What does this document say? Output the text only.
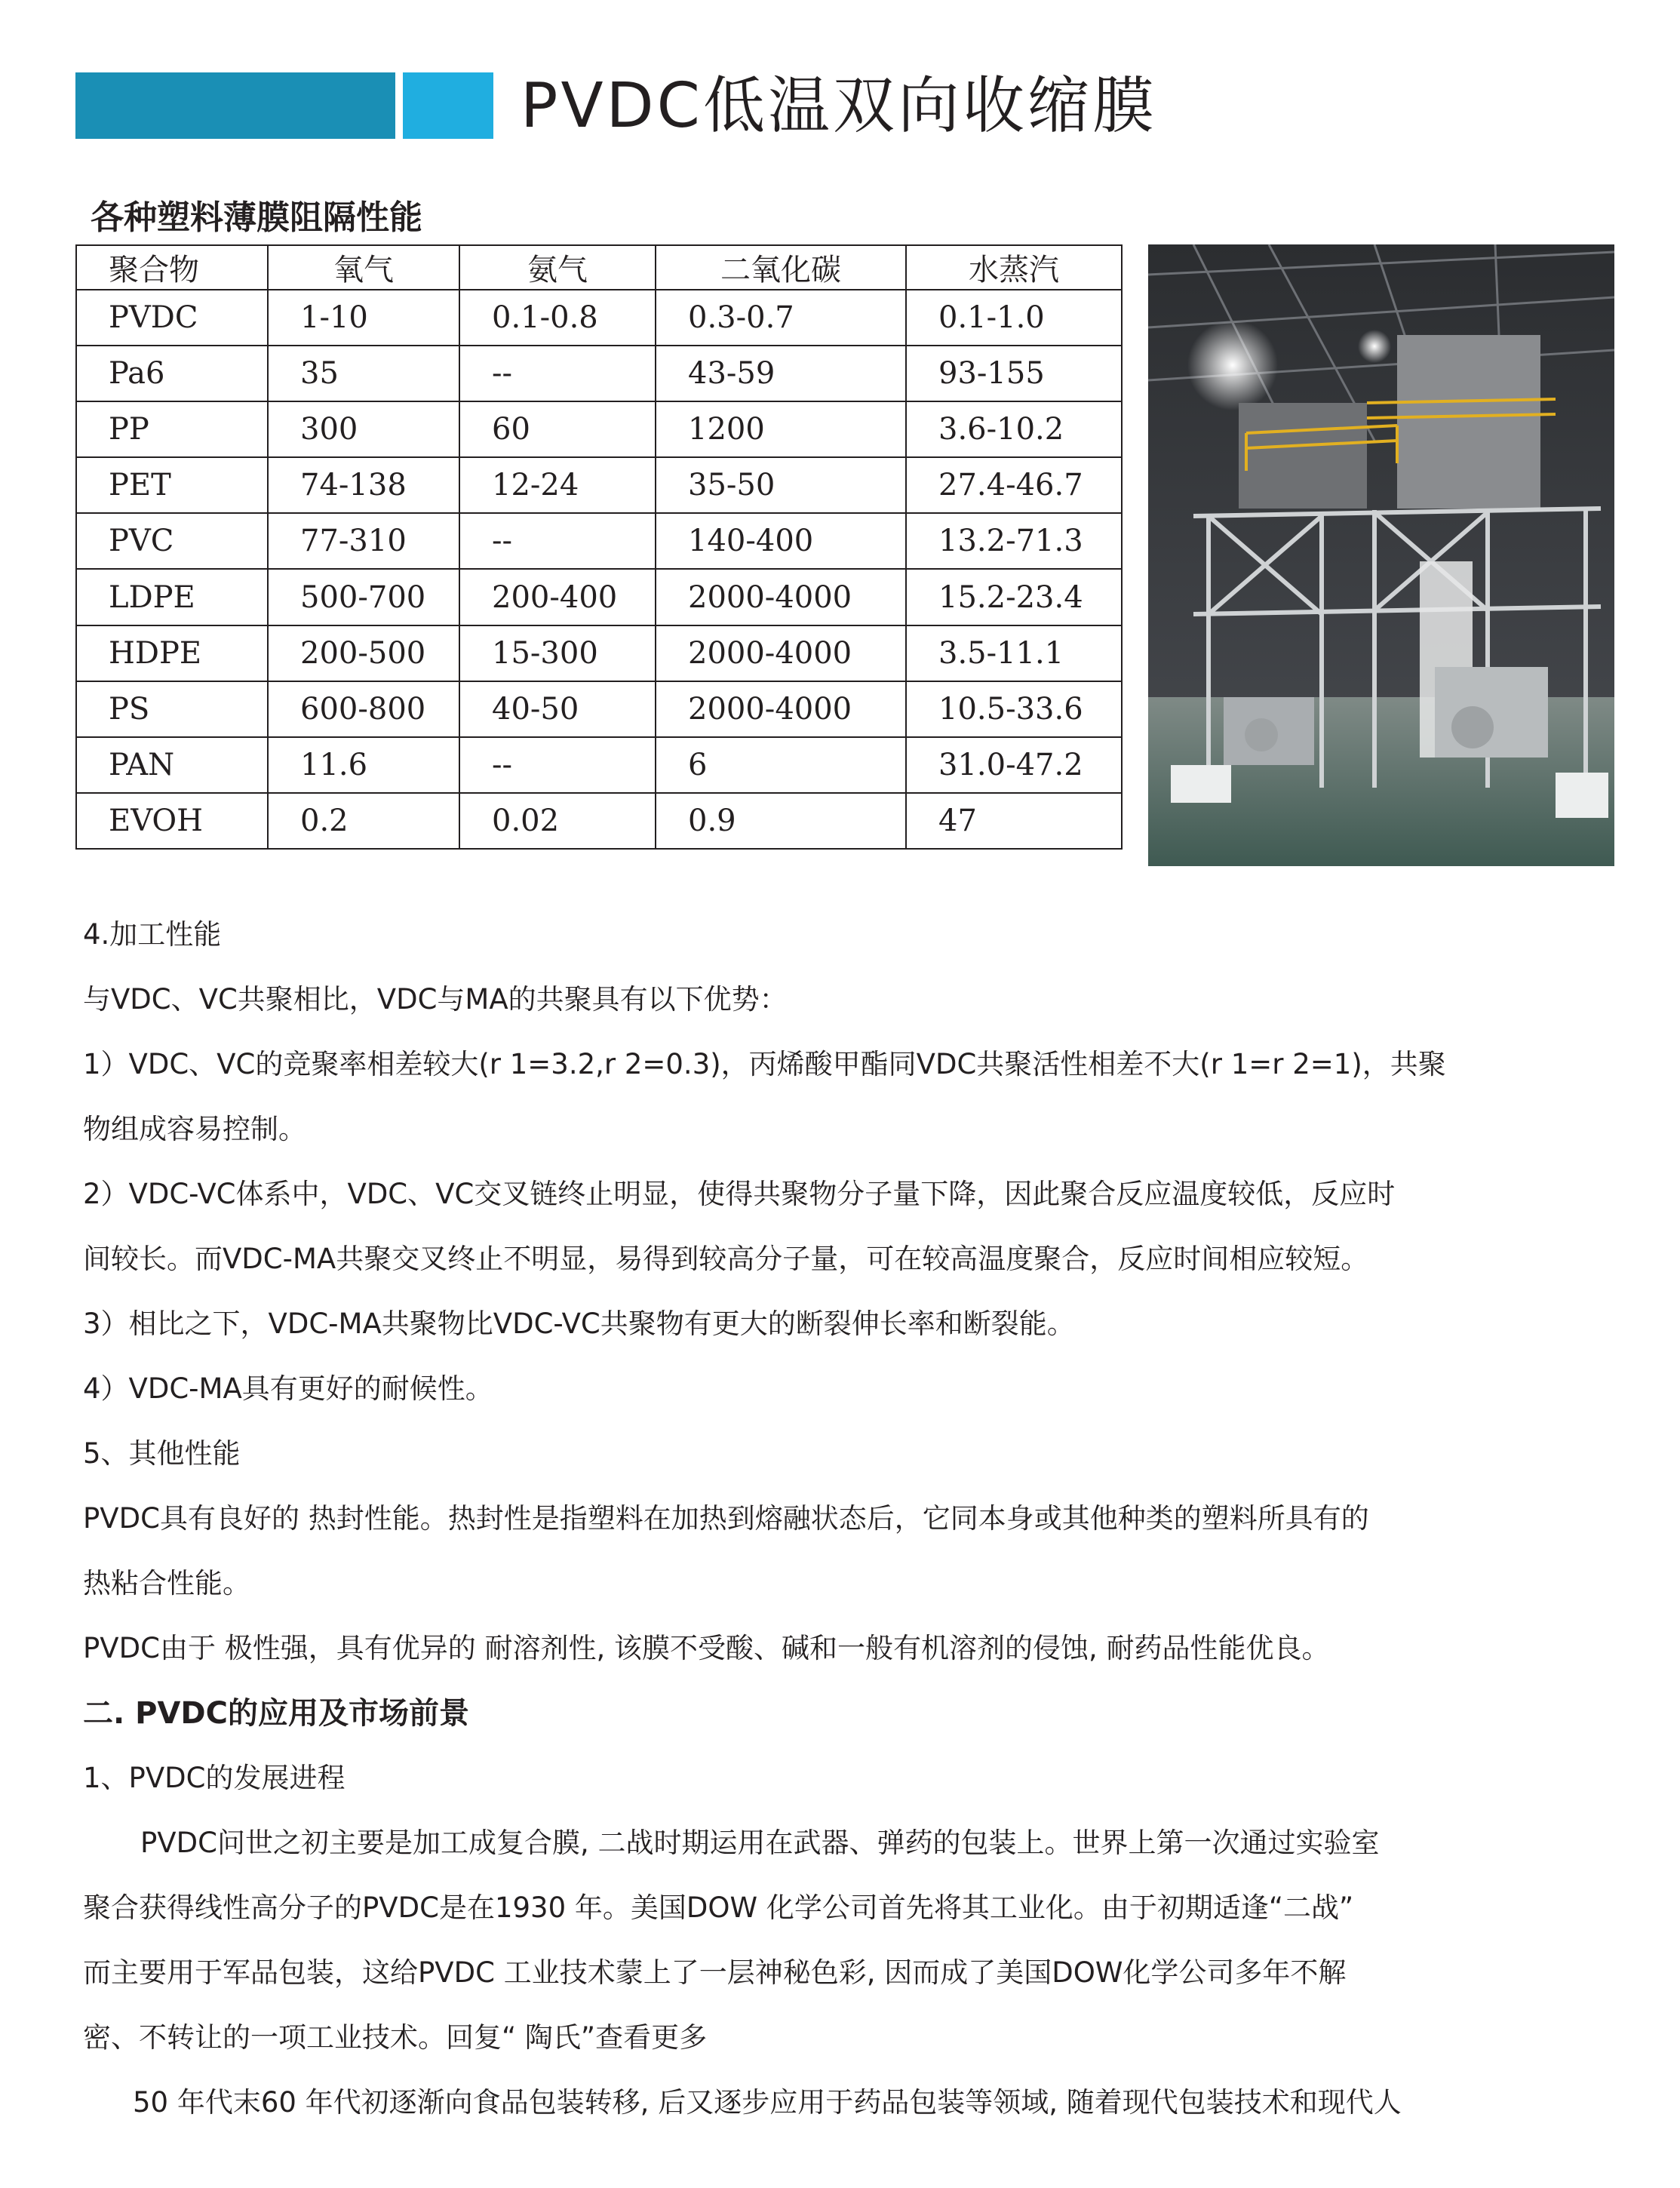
PVDC低温双向收缩膜
各种塑料薄膜阻隔性能
聚合物	氧气	氨气	二氧化碳	水蒸汽
PVDC	1-10	0.1-0.8	0.3-0.7	0.1-1.0
Pa6	35	--	43-59	93-155
PP	300	60	1200	3.6-10.2
PET	74-138	12-24	35-50	27.4-46.7
PVC	77-310	--	140-400	13.2-71.3
LDPE	500-700	200-400	2000-4000	15.2-23.4
HDPE	200-500	15-300	2000-4000	3.5-11.1
PS	600-800	40-50	2000-4000	10.5-33.6
PAN	11.6	--	6	31.0-47.2
EVOH	0.2	0.02	0.9	47

4.加工性能

与VDC、VC共聚相比，VDC与MA的共聚具有以下优势：

1）VDC、VC的竞聚率相差较大(r 1=3.2,r 2=0.3)，丙烯酸甲酯同VDC共聚活性相差不大(r 1=r 2=1)，共聚

物组成容易控制。

2）VDC-VC体系中，VDC、VC交叉链终止明显，使得共聚物分子量下降，因此聚合反应温度较低，反应时

间较长。而VDC-MA共聚交叉终止不明显，易得到较高分子量，可在较高温度聚合，反应时间相应较短。

3）相比之下，VDC-MA共聚物比VDC-VC共聚物有更大的断裂伸长率和断裂能。

4）VDC-MA具有更好的耐候性。

5、其他性能

PVDC具有良好的 热封性能。热封性是指塑料在加热到熔融状态后，它同本身或其他种类的塑料所具有的

热粘合性能。

PVDC由于 极性强，具有优异的 耐溶剂性, 该膜不受酸、碱和一般有机溶剂的侵蚀, 耐药品性能优良。

二. PVDC的应用及市场前景

1、PVDC的发展进程

PVDC问世之初主要是加工成复合膜, 二战时期运用在武器、弹药的包装上。世界上第一次通过实验室

聚合获得线性高分子的PVDC是在1930 年。美国DOW 化学公司首先将其工业化。由于初期适逢“二战”

而主要用于军品包装，这给PVDC 工业技术蒙上了一层神秘色彩, 因而成了美国DOW化学公司多年不解

密、不转让的一项工业技术。回复“ 陶氏”查看更多

50 年代末60 年代初逐渐向食品包装转移, 后又逐步应用于药品包装等领域, 随着现代包装技术和现代人
